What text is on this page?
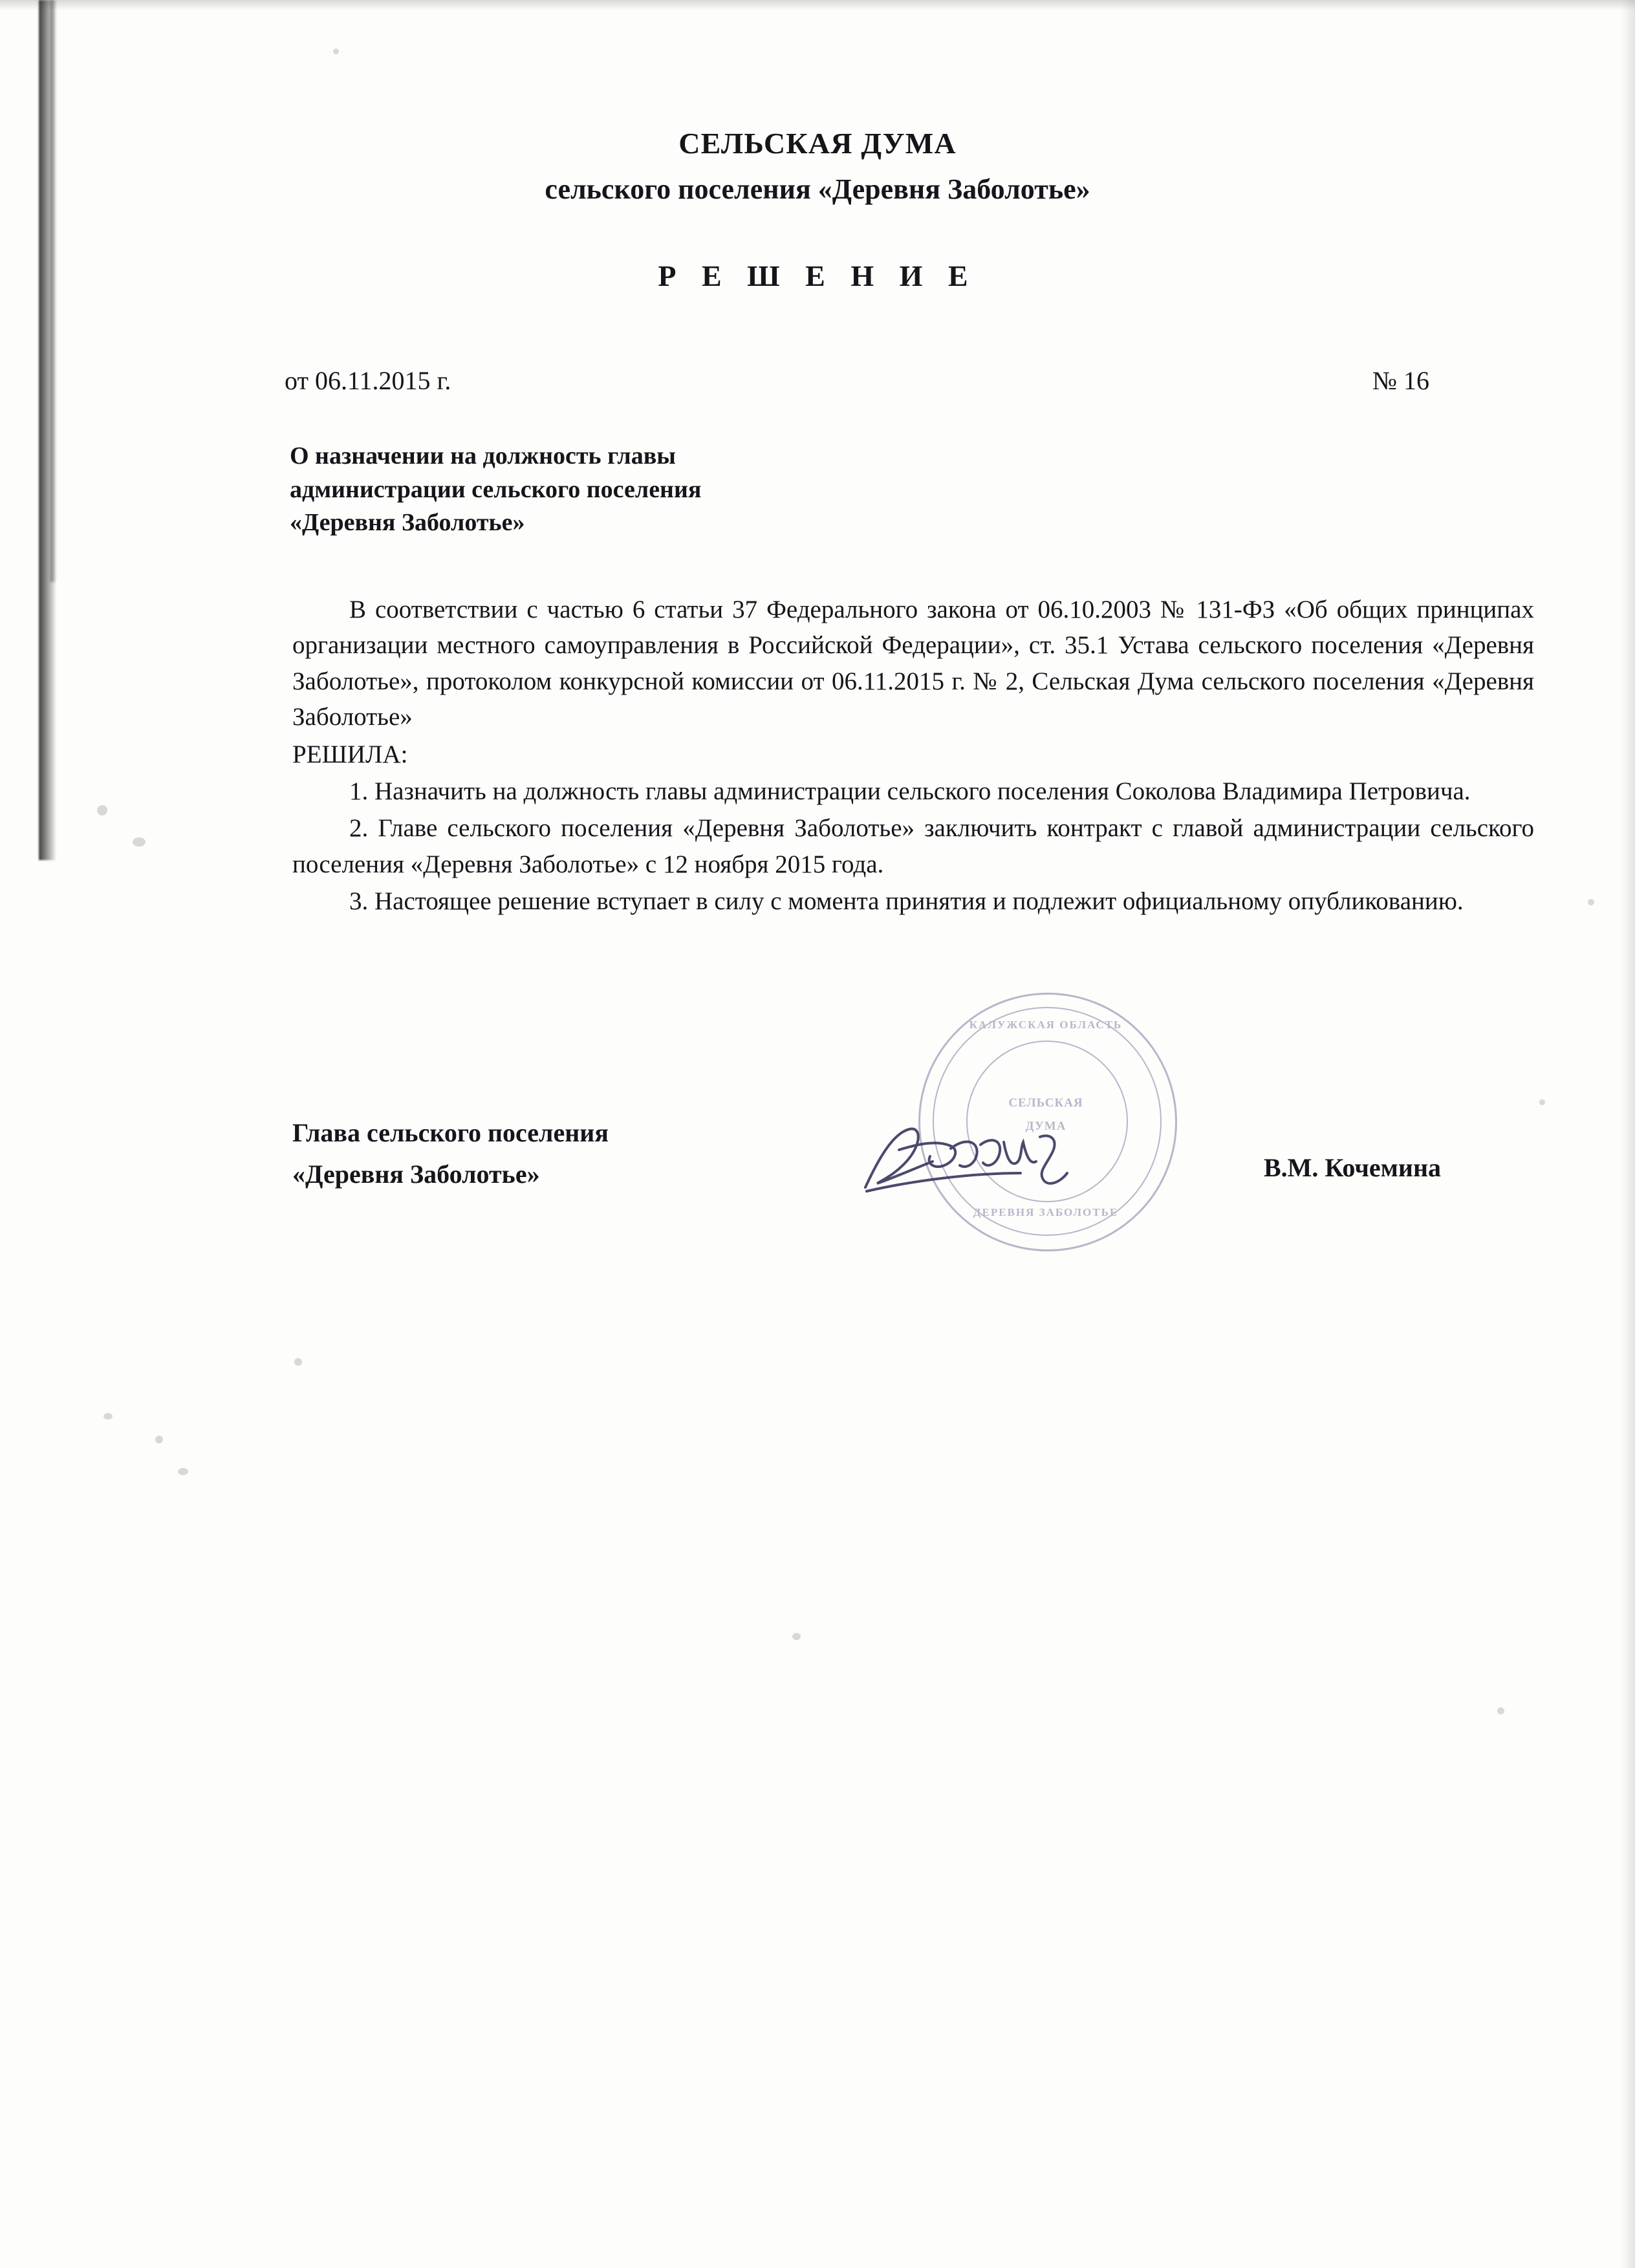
СЕЛЬСКАЯ ДУМА
сельского поселения «Деревня Заболотье»
Р Е Ш Е Н И Е
от 06.11.2015 г.	№ 16
О назначении на должность главы
администрации сельского поселения
«Деревня Заболотье»

В соответствии с частью 6 статьи 37 Федерального закона от 06.10.2003 № 131-ФЗ «Об общих принципах организации местного самоуправления в Российской Федерации», ст. 35.1 Устава сельского поселения «Деревня Заболотье», протоколом конкурсной комиссии от 06.11.2015 г. № 2, Сельская Дума сельского поселения «Деревня Заболотье»

РЕШИЛА:

1. Назначить на должность главы администрации сельского поселения Соколова Владимира Петровича.

2. Главе сельского поселения «Деревня Заболотье» заключить контракт с главой администрации сельского поселения «Деревня Заболотье» с 12 ноября 2015 года.

3. Настоящее решение вступает в силу с момента принятия и подлежит официальному опубликованию.

Глава сельского поселения
«Деревня Заболотье»	В.М. Кочемина
КАЛУЖСКАЯ ОБЛАСТЬ
СЕЛЬСКАЯ
ДУМА
ДЕРЕВНЯ ЗАБОЛОТЬЕ
